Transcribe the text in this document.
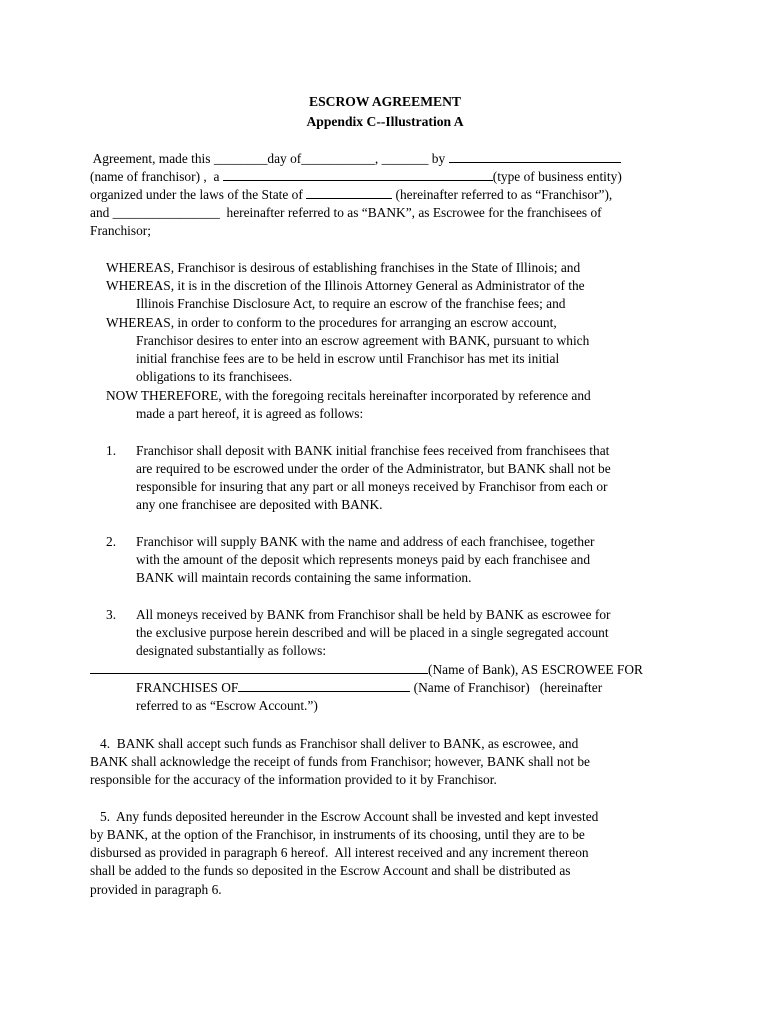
ESCROW AGREEMENT
Appendix C--Illustration A
Agreement, made this ________day of___________, _______ by
(name of franchisor) ,  a	(type of business entity)
organized under the laws of the State of	(hereinafter referred to as “Franchisor”),
and ________________  hereinafter referred to as “BANK”, as Escrowee for the franchisees of
Franchisor;
WHEREAS, Franchisor is desirous of establishing franchises in the State of Illinois; and
WHEREAS, it is in the discretion of the Illinois Attorney General as Administrator of the
Illinois Franchise Disclosure Act, to require an escrow of the franchise fees; and
WHEREAS, in order to conform to the procedures for arranging an escrow account,
Franchisor desires to enter into an escrow agreement with BANK, pursuant to which
initial franchise fees are to be held in escrow until Franchisor has met its initial
obligations to its franchisees.
NOW THEREFORE, with the foregoing recitals hereinafter incorporated by reference and
made a part hereof, it is agreed as follows:
1. Franchisor shall deposit with BANK initial franchise fees received from franchisees that
are required to be escrowed under the order of the Administrator, but BANK shall not be
responsible for insuring that any part or all moneys received by Franchisor from each or
any one franchisee are deposited with BANK.
2. Franchisor will supply BANK with the name and address of each franchisee, together
with the amount of the deposit which represents moneys paid by each franchisee and
BANK will maintain records containing the same information.
3. All moneys received by BANK from Franchisor shall be held by BANK as escrowee for
the exclusive purpose herein described and will be placed in a single segregated account
designated substantially as follows:
(Name of Bank), AS ESCROWEE FOR
FRANCHISES OF	(Name of Franchisor)   (hereinafter
referred to as “Escrow Account.”)
4.  BANK shall accept such funds as Franchisor shall deliver to BANK, as escrowee, and
BANK shall acknowledge the receipt of funds from Franchisor; however, BANK shall not be
responsible for the accuracy of the information provided to it by Franchisor.
5.  Any funds deposited hereunder in the Escrow Account shall be invested and kept invested
by BANK, at the option of the Franchisor, in instruments of its choosing, until they are to be
disbursed as provided in paragraph 6 hereof.  All interest received and any increment thereon
shall be added to the funds so deposited in the Escrow Account and shall be distributed as
provided in paragraph 6.
